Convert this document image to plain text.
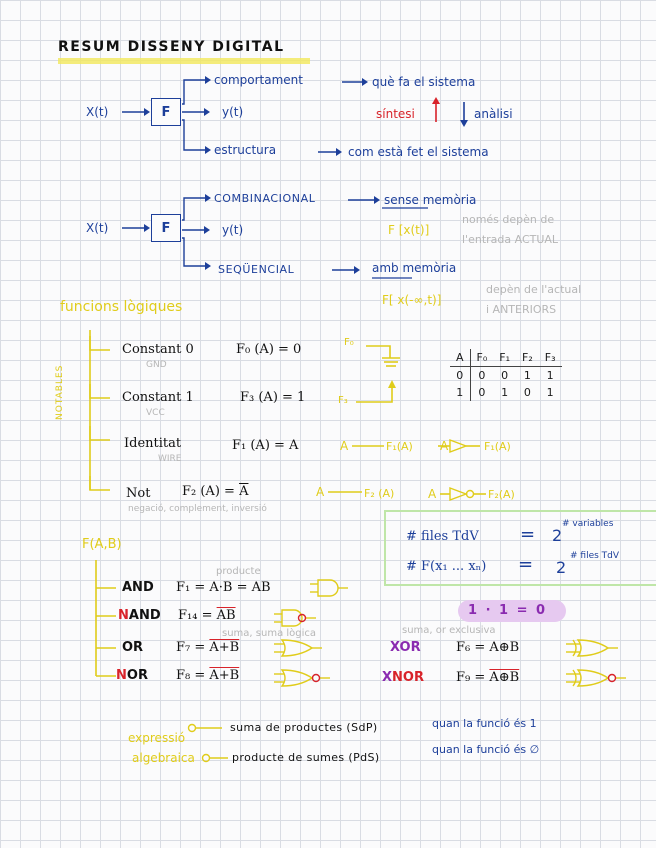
RESUM DISSENY DIGITAL
X(t)	F	y(t)
comportament	què fa el sistema
síntesi	anàlisi
estructura	com està fet el sistema
X(t)	F	y(t)
COMBINACIONAL	sense memòria
F [x(t)]
només depèn de
l'entrada ACTUAL
SEQÜENCIAL	amb memòria
F[ x(-∞,t)]
depèn de l'actual
i ANTERIORS
funcions lògiques
NOTABLES
Constant 0	F₀ (A) = 0
GND
F₀
Constant 1	F₃ (A) = 1
VCC
F₃
Identitat	F₁ (A) = A
WIRE
A	F₁(A) A	F₁(A)
Not F₂ $(A) = \overline{A}$
negació, complement, inversió
A	F₂ (A)	A	F₂(A)
A	F₀	F₁	F₂	F₃
0	0	0	1	1
1	0	1	0	1
# files TdV = 2
# variables
# F(x₁ ... xₙ) = 2
# files TdV
F(A,B)
producte
suma, suma lògica	suma, or exclusiva
AND F₁ = A·B = AB
NAND $F_{14} = \overline{AB}$
OR	F₇ = A+B
NOR F₈ = A+B
1 · 1 = 0
XOR	F₆ = A⊕B
XNOR F₉ = A⊕B
expressió
algebraica
suma de productes (SdP)	quan la funció és 1
producte de sumes (PdS)
quan la funció és ∅
